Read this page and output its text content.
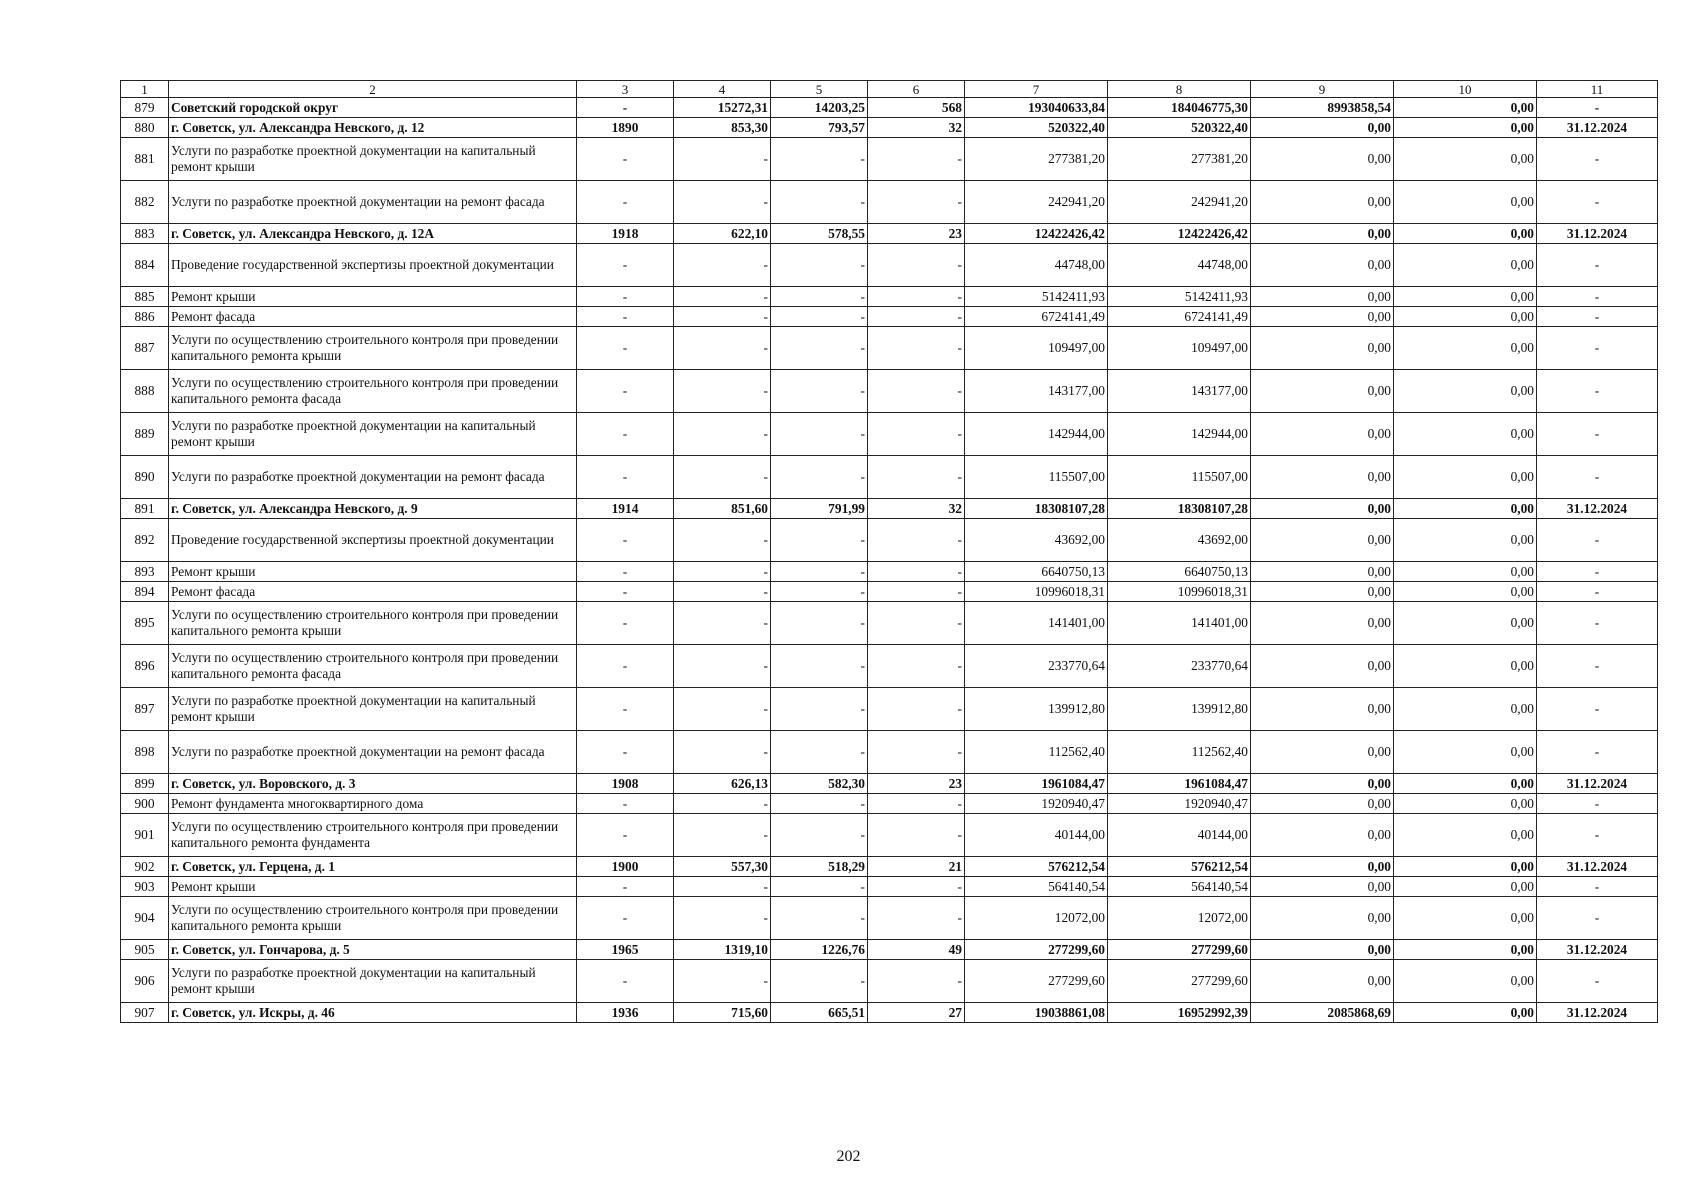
1	2	3	4	5	6	7	8	9	10	11
879	Советский городской округ	-	15272,31	14203,25	568	193040633,84	184046775,30	8993858,54	0,00	-
880	г. Советск, ул. Александра Невского, д. 12	1890	853,30	793,57	32	520322,40	520322,40	0,00	0,00	31.12.2024
881	Услуги по разработке проектной документации на капитальный ремонт крыши	-	-	-	-	277381,20	277381,20	0,00	0,00	-
882	Услуги по разработке проектной документации на ремонт фасада	-	-	-	-	242941,20	242941,20	0,00	0,00	-
883	г. Советск, ул. Александра Невского, д. 12А	1918	622,10	578,55	23	12422426,42	12422426,42	0,00	0,00	31.12.2024
884	Проведение государственной экспертизы проектной документации	-	-	-	-	44748,00	44748,00	0,00	0,00	-
885	Ремонт крыши	-	-	-	-	5142411,93	5142411,93	0,00	0,00	-
886	Ремонт фасада	-	-	-	-	6724141,49	6724141,49	0,00	0,00	-
887	Услуги по осуществлению строительного контроля при проведении капитального ремонта крыши	-	-	-	-	109497,00	109497,00	0,00	0,00	-
888	Услуги по осуществлению строительного контроля при проведении капитального ремонта фасада	-	-	-	-	143177,00	143177,00	0,00	0,00	-
889	Услуги по разработке проектной документации на капитальный ремонт крыши	-	-	-	-	142944,00	142944,00	0,00	0,00	-
890	Услуги по разработке проектной документации на ремонт фасада	-	-	-	-	115507,00	115507,00	0,00	0,00	-
891	г. Советск, ул. Александра Невского, д. 9	1914	851,60	791,99	32	18308107,28	18308107,28	0,00	0,00	31.12.2024
892	Проведение государственной экспертизы проектной документации	-	-	-	-	43692,00	43692,00	0,00	0,00	-
893	Ремонт крыши	-	-	-	-	6640750,13	6640750,13	0,00	0,00	-
894	Ремонт фасада	-	-	-	-	10996018,31	10996018,31	0,00	0,00	-
895	Услуги по осуществлению строительного контроля при проведении капитального ремонта крыши	-	-	-	-	141401,00	141401,00	0,00	0,00	-
896	Услуги по осуществлению строительного контроля при проведении капитального ремонта фасада	-	-	-	-	233770,64	233770,64	0,00	0,00	-
897	Услуги по разработке проектной документации на капитальный ремонт крыши	-	-	-	-	139912,80	139912,80	0,00	0,00	-
898	Услуги по разработке проектной документации на ремонт фасада	-	-	-	-	112562,40	112562,40	0,00	0,00	-
899	г. Советск, ул. Воровского, д. 3	1908	626,13	582,30	23	1961084,47	1961084,47	0,00	0,00	31.12.2024
900	Ремонт фундамента многоквартирного дома	-	-	-	-	1920940,47	1920940,47	0,00	0,00	-
901	Услуги по осуществлению строительного контроля при проведении капитального ремонта фундамента	-	-	-	-	40144,00	40144,00	0,00	0,00	-
902	г. Советск, ул. Герцена, д. 1	1900	557,30	518,29	21	576212,54	576212,54	0,00	0,00	31.12.2024
903	Ремонт крыши	-	-	-	-	564140,54	564140,54	0,00	0,00	-
904	Услуги по осуществлению строительного контроля при проведении капитального ремонта крыши	-	-	-	-	12072,00	12072,00	0,00	0,00	-
905	г. Советск, ул. Гончарова, д. 5	1965	1319,10	1226,76	49	277299,60	277299,60	0,00	0,00	31.12.2024
906	Услуги по разработке проектной документации на капитальный ремонт крыши	-	-	-	-	277299,60	277299,60	0,00	0,00	-
907	г. Советск, ул. Искры, д. 46	1936	715,60	665,51	27	19038861,08	16952992,39	2085868,69	0,00	31.12.2024
202
